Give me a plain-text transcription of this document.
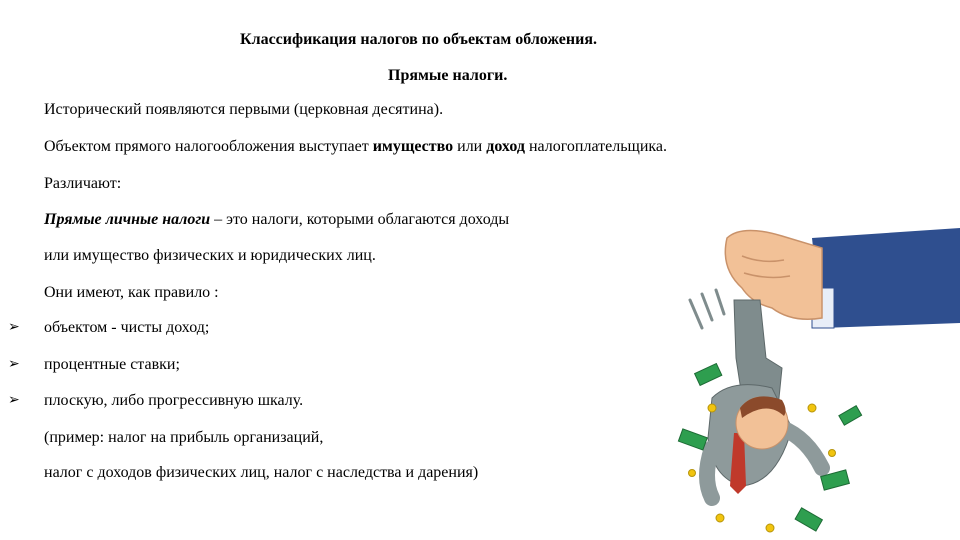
Классификация налогов по объектам обложения.
Прямые налоги.
Исторический появляются первыми (церковная десятина).
Объектом прямого налогообложения выступает имущество или доход налогоплательщика.
Различают:
Прямые личные налоги – это налоги, которыми облагаются доходы
или имущество физических и юридических лиц.
Они имеют, как правило :
➢ объектом - чисты доход;
➢ процентные ставки;
➢ плоскую, либо прогрессивную шкалу.
(пример: налог на прибыль организаций,
налог с доходов физических лиц, налог с наследства и дарения)
